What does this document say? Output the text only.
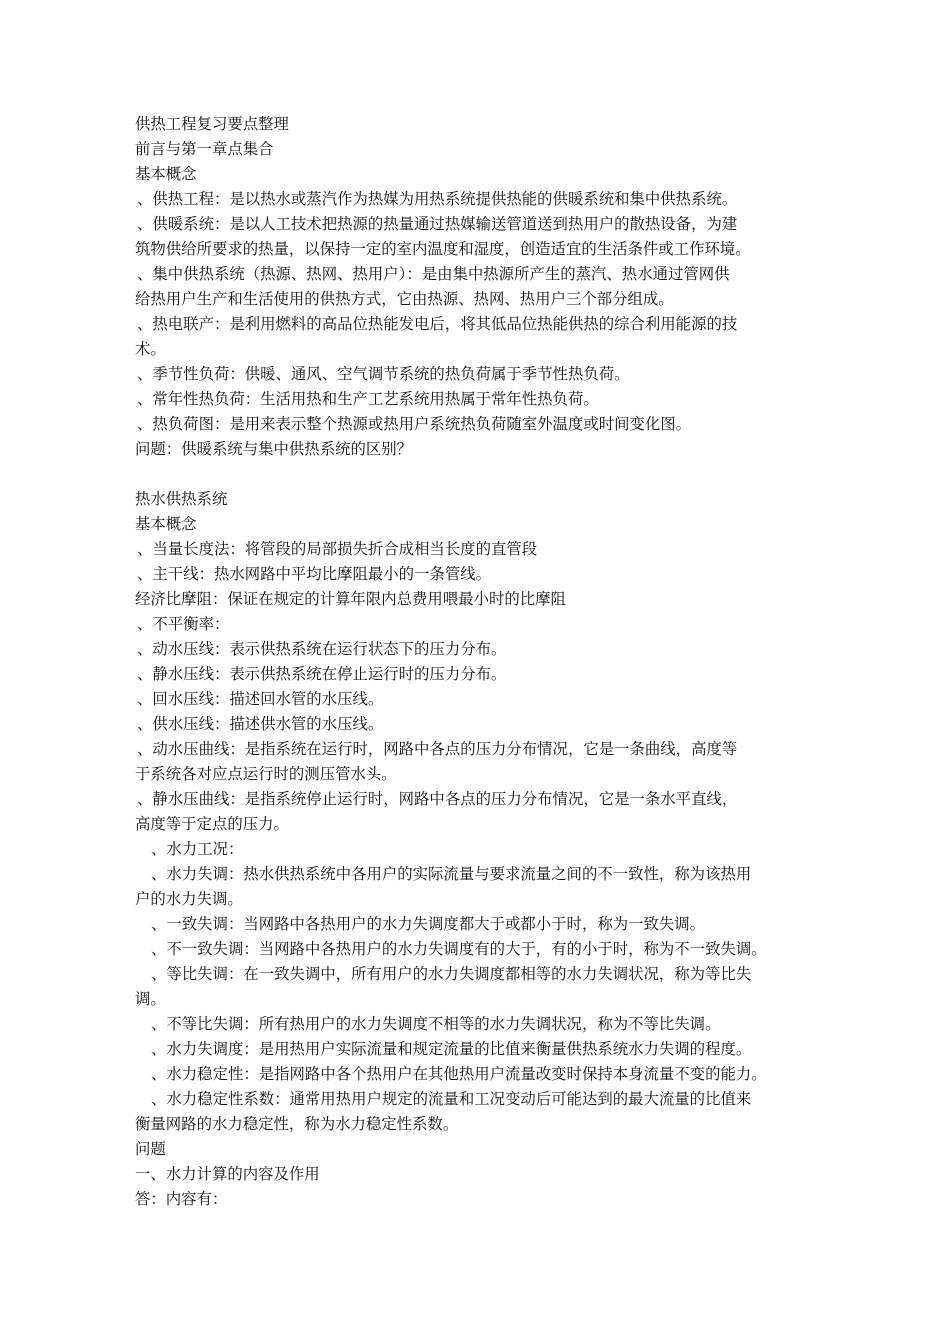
供热工程复习要点整理
前言与第一章点集合
基本概念
、供热工程：是以热水或蒸汽作为热媒为用热系统提供热能的供暖系统和集中供热系统。
、供暖系统：是以人工技术把热源的热量通过热媒输送管道送到热用户的散热设备，为建
筑物供给所要求的热量，以保持一定的室内温度和湿度，创造适宜的生活条件或工作环境。
、集中供热系统（热源、热网、热用户）：是由集中热源所产生的蒸汽、热水通过管网供
给热用户生产和生活使用的供热方式，它由热源、热网、热用户三个部分组成。
、热电联产：是利用燃料的高品位热能发电后，将其低品位热能供热的综合利用能源的技
术。
、季节性负荷：供暖、通风、空气调节系统的热负荷属于季节性热负荷。
、常年性热负荷：生活用热和生产工艺系统用热属于常年性热负荷。
、热负荷图：是用来表示整个热源或热用户系统热负荷随室外温度或时间变化图。
问题：供暖系统与集中供热系统的区别？
热水供热系统
基本概念
、当量长度法：将管段的局部损失折合成相当长度的直管段
、主干线：热水网路中平均比摩阻最小的一条管线。
经济比摩阻：保证在规定的计算年限内总费用喂最小时的比摩阻
、不平衡率：
、动水压线：表示供热系统在运行状态下的压力分布。
、静水压线：表示供热系统在停止运行时的压力分布。
、回水压线：描述回水管的水压线。
、供水压线：描述供水管的水压线。
、动水压曲线：是指系统在运行时，网路中各点的压力分布情况，它是一条曲线，高度等
于系统各对应点运行时的测压管水头。
、静水压曲线：是指系统停止运行时，网路中各点的压力分布情况，它是一条水平直线，
高度等于定点的压力。
、水力工况：
、水力失调：热水供热系统中各用户的实际流量与要求流量之间的不一致性，称为该热用
户的水力失调。
、一致失调：当网路中各热用户的水力失调度都大于或都小于时，称为一致失调。
、不一致失调：当网路中各热用户的水力失调度有的大于，有的小于时，称为不一致失调。
、等比失调：在一致失调中，所有用户的水力失调度都相等的水力失调状况，称为等比失
调。
、不等比失调：所有热用户的水力失调度不相等的水力失调状况，称为不等比失调。
、水力失调度：是用热用户实际流量和规定流量的比值来衡量供热系统水力失调的程度。
、水力稳定性：是指网路中各个热用户在其他热用户流量改变时保持本身流量不变的能力。
、水力稳定性系数：通常用热用户规定的流量和工况变动后可能达到的最大流量的比值来
衡量网路的水力稳定性，称为水力稳定性系数。
问题
一、水力计算的内容及作用
答：内容有：
